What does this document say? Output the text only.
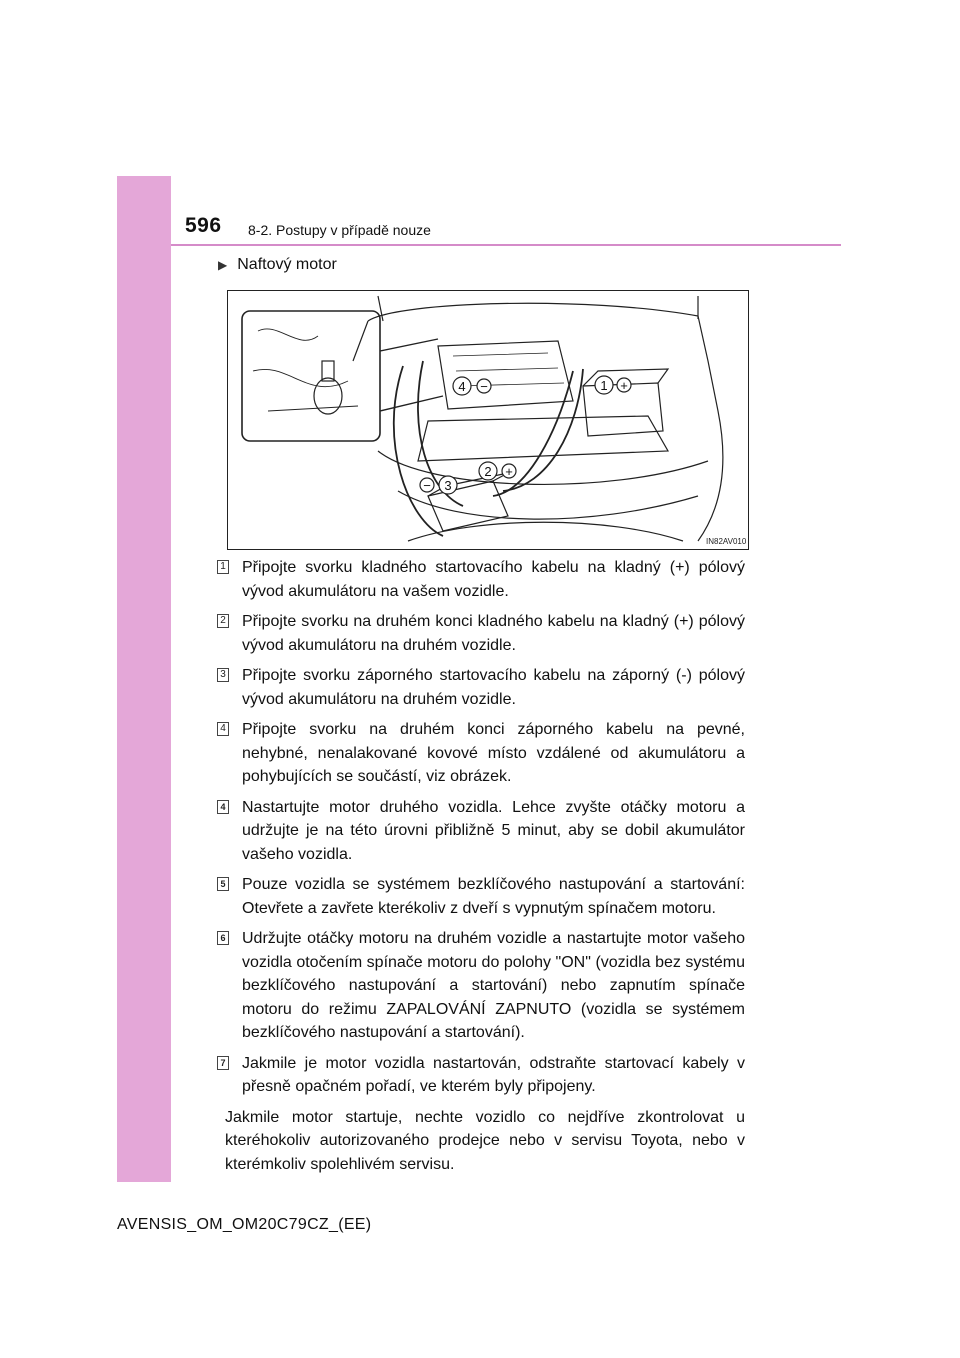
596 8-2. Postupy v případě nouze
▶ Naftový motor
4 −	1 +
2 +
− 3
IN82AV010
1 Připojte svorku kladného startovacího kabelu na kladný (+) pólový vývod akumulátoru na vašem vozidle.
2 Připojte svorku na druhém konci kladného kabelu na kladný (+) pólový vývod akumulátoru na druhém vozidle.
3 Připojte svorku záporného startovacího kabelu na záporný (-) pólový vývod akumulátoru na druhém vozidle.
4 Připojte svorku na druhém konci záporného kabelu na pevné, nehybné, nenalakované kovové místo vzdálené od akumulátoru a pohybujících se součástí, viz obrázek.
4 Nastartujte motor druhého vozidla. Lehce zvyšte otáčky motoru a udržujte je na této úrovni přibližně 5 minut, aby se dobil akumulátor vašeho vozidla.
5 Pouze vozidla se systémem bezklíčového nastupování a startování: Otevřete a zavřete kterékoliv z dveří s vypnutým spínačem motoru.
6 Udržujte otáčky motoru na druhém vozidle a nastartujte motor vašeho vozidla otočením spínače motoru do polohy "ON" (vozidla bez systému bezklíčového nastupování a startování) nebo zapnutím spínače motoru do režimu ZAPALOVÁNÍ ZAPNUTO (vozidla se systémem bezklíčového nastupování a startování).
7 Jakmile je motor vozidla nastartován, odstraňte startovací kabely v přesně opačném pořadí, ve kterém byly připojeny.
Jakmile motor startuje, nechte vozidlo co nejdříve zkontrolovat u kteréhokoliv autorizovaného prodejce nebo v servisu Toyota, nebo v kterémkoliv spolehlivém servisu.
AVENSIS_OM_OM20C79CZ_(EE)
